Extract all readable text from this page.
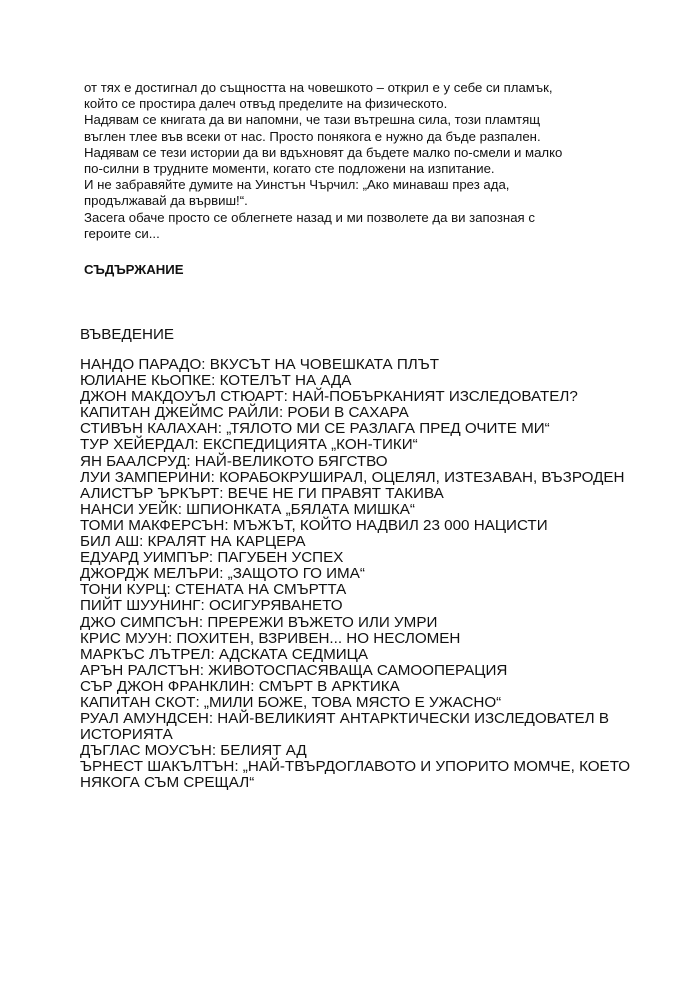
от тях е достигнал до същността на човешкото – открил е у себе си пламък,

който се простира далеч отвъд пределите на физическото.

Надявам се книгата да ви напомни, че тази вътрешна сила, този пламтящ

въглен тлее във всеки от нас. Просто понякога е нужно да бъде разпален.

Надявам се тези истории да ви вдъхновят да бъдете малко по-смели и малко

по-силни в трудните моменти, когато сте подложени на изпитание.

И не забравяйте думите на Уинстън Чърчил: „Ако минаваш през ада,

продължавай да вървиш!“.

Засега обаче просто се облегнете назад и ми позволете да ви запозная с

героите си...

СЪДЪРЖАНИЕ

ВЪВЕДЕНИЕ

НАНДО ПАРАДО: ВКУСЪТ НА ЧОВЕШКАТА ПЛЪТ
ЮЛИАНЕ КЬОПКЕ: КОТЕЛЪТ НА АДА
ДЖОН МАКДОУЪЛ СТЮАРТ: НАЙ-ПОБЪРКАНИЯТ ИЗСЛЕДОВАТЕЛ?
КАПИТАН ДЖЕЙМС РАЙЛИ: РОБИ В САХАРА
СТИВЪН КАЛАХАН: „ТЯЛОТО МИ СЕ РАЗЛАГА ПРЕД ОЧИТЕ МИ“
ТУР ХЕЙЕРДАЛ: ЕКСПЕДИЦИЯТА „КОН-ТИКИ“
ЯН БААЛСРУД: НАЙ-ВЕЛИКОТО БЯГСТВО
ЛУИ ЗАМПЕРИНИ: КОРАБОКРУШИРАЛ, ОЦЕЛЯЛ, ИЗТЕЗАВАН, ВЪЗРОДЕН
АЛИСТЪР ЪРКЪРТ: ВЕЧЕ НЕ ГИ ПРАВЯТ ТАКИВА
НАНСИ УЕЙК: ШПИОНКАТА „БЯЛАТА МИШКА“
ТОМИ МАКФЕРСЪН: МЪЖЪТ, КОЙТО НАДВИЛ 23 000 НАЦИСТИ
БИЛ АШ: КРАЛЯТ НА КАРЦЕРА
ЕДУАРД УИМПЪР: ПАГУБЕН УСПЕХ
ДЖОРДЖ МЕЛЪРИ: „ЗАЩОТО ГО ИМА“
ТОНИ КУРЦ: СТЕНАТА НА СМЪРТТА
ПИЙТ ШУУНИНГ: ОСИГУРЯВАНЕТО
ДЖО СИМПСЪН: ПРЕРЕЖИ ВЪЖЕТО ИЛИ УМРИ
КРИС МУУН: ПОХИТЕН, ВЗРИВЕН... НО НЕСЛОМЕН
МАРКЪС ЛЪТРЕЛ: АДСКАТА СЕДМИЦА
АРЪН РАЛСТЪН: ЖИВОТОСПАСЯВАЩА САМООПЕРАЦИЯ
СЪР ДЖОН ФРАНКЛИН: СМЪРТ В АРКТИКА
КАПИТАН СКОТ: „МИЛИ БОЖЕ, ТОВА МЯСТО Е УЖАСНО“
РУАЛ АМУНДСЕН: НАЙ-ВЕЛИКИЯТ АНТАРКТИЧЕСКИ ИЗСЛЕДОВАТЕЛ В
ИСТОРИЯТА
ДЪГЛАС МОУСЪН: БЕЛИЯТ АД
ЪРНЕСТ ШАКЪЛТЪН: „НАЙ-ТВЪРДОГЛАВОТО И УПОРИТО МОМЧЕ, КОЕТО
НЯКОГА СЪМ СРЕЩАЛ“
